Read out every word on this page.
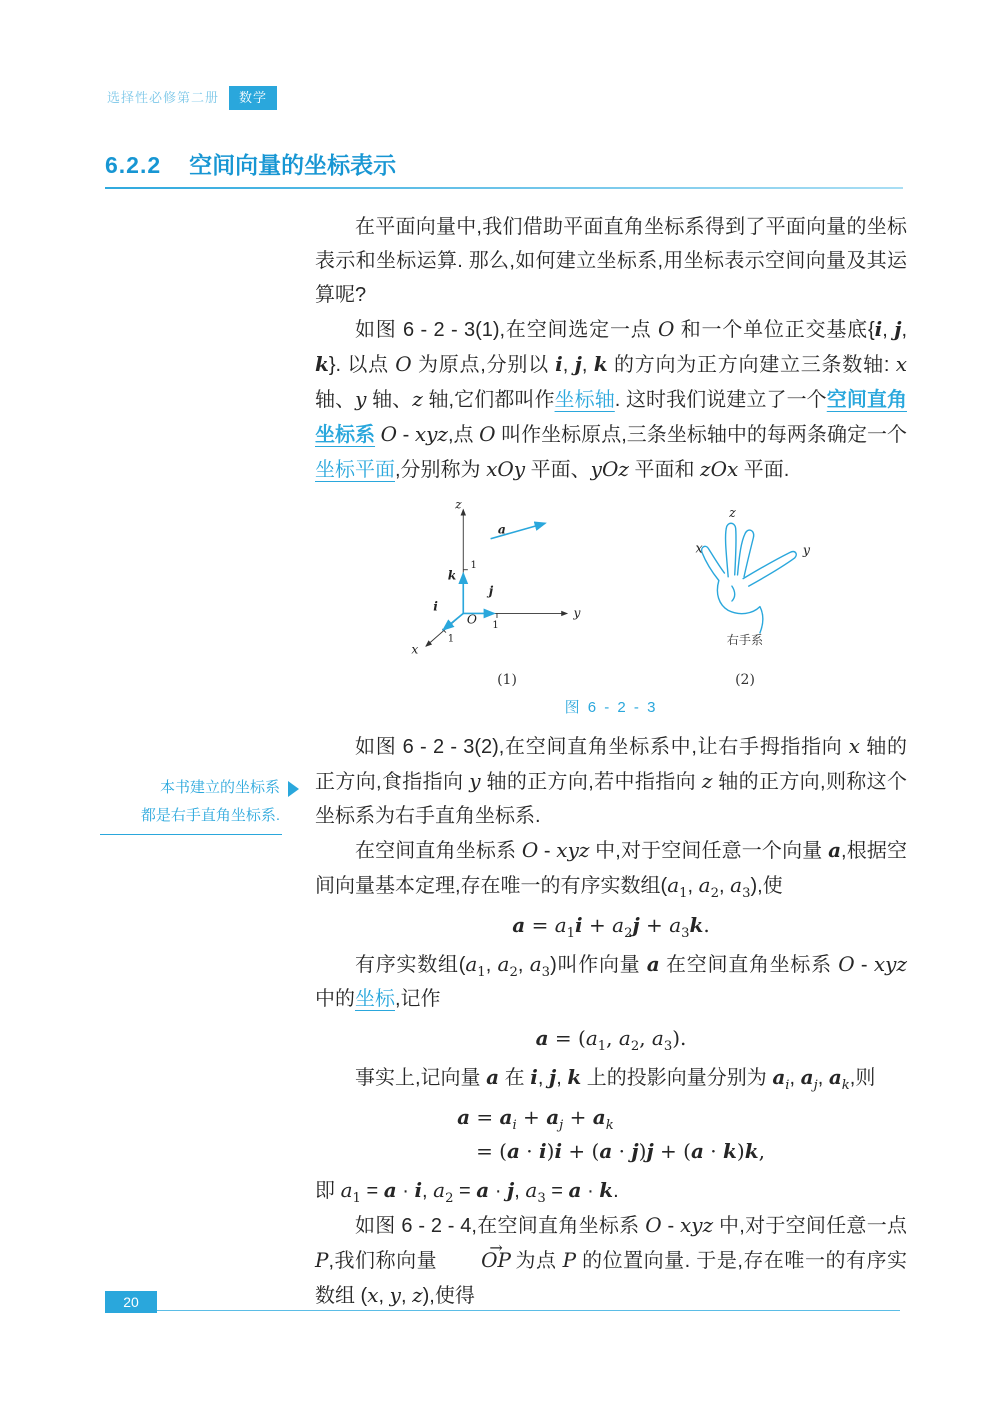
选择性必修第二册	数学
6.2.2 空间向量的坐标表示

在平面向量中,我们借助平面直角坐标系得到了平面向量的坐标表示和坐标运算. 那么,如何建立坐标系,用坐标表示空间向量及其运算呢?

如图 6 - 2 - 3(1),在空间选定一点 O 和一个单位正交基底{i, j, k}. 以点 O 为原点,分别以 i, j, k 的方向为正方向建立三条数轴: x 轴、y 轴、z 轴,它们都叫作坐标轴. 这时我们说建立了一个空间直角坐标系 O - xyz,点 O 叫作坐标原点,三条坐标轴中的每两条确定一个坐标平面,分别称为 xOy 平面、yOz 平面和 zOx 平面.

z
y
x
O
k
j
i
a
1
1
1
(1)
z
x	y
右手系
(2)
图 6 - 2 - 3

如图 6 - 2 - 3(2),在空间直角坐标系中,让右手拇指指向 x 轴的正方向,食指指向 y 轴的正方向,若中指指向 z 轴的正方向,则称这个坐标系为右手直角坐标系.

在空间直角坐标系 O - xyz 中,对于空间任意一个向量 a,根据空间向量基本定理,存在唯一的有序实数组($a_1$, $a_2$, $a_3$),使

$a = a_1i + a_2j + a_3k$.

有序实数组($a_1$, $a_2$, $a_3$)叫作向量 a 在空间直角坐标系 O - xyz 中的坐标,记作

$a = (a_1$, $a_2$, $a_3$).

事实上,记向量 a 在 i, j, k 上的投影向量分别为 $a_i$, $a_j$, $a_k$,则

$a = a_i + a_j + a_k$
= (a · i)i + (a · j)j + (a · k)k,

即 $a_1 = a \cdot i$, $a_2 = a \cdot j$, $a_3 = a \cdot k$.

如图 6 - 2 - 4,在空间直角坐标系 O - xyz 中,对于空间任意一点 P,我们称向量 → OP 为点 P 的位置向量. 于是,存在唯一的有序实数组 (x, y, z),使得

本书建立的坐标系
都是右手直角坐标系.
20
